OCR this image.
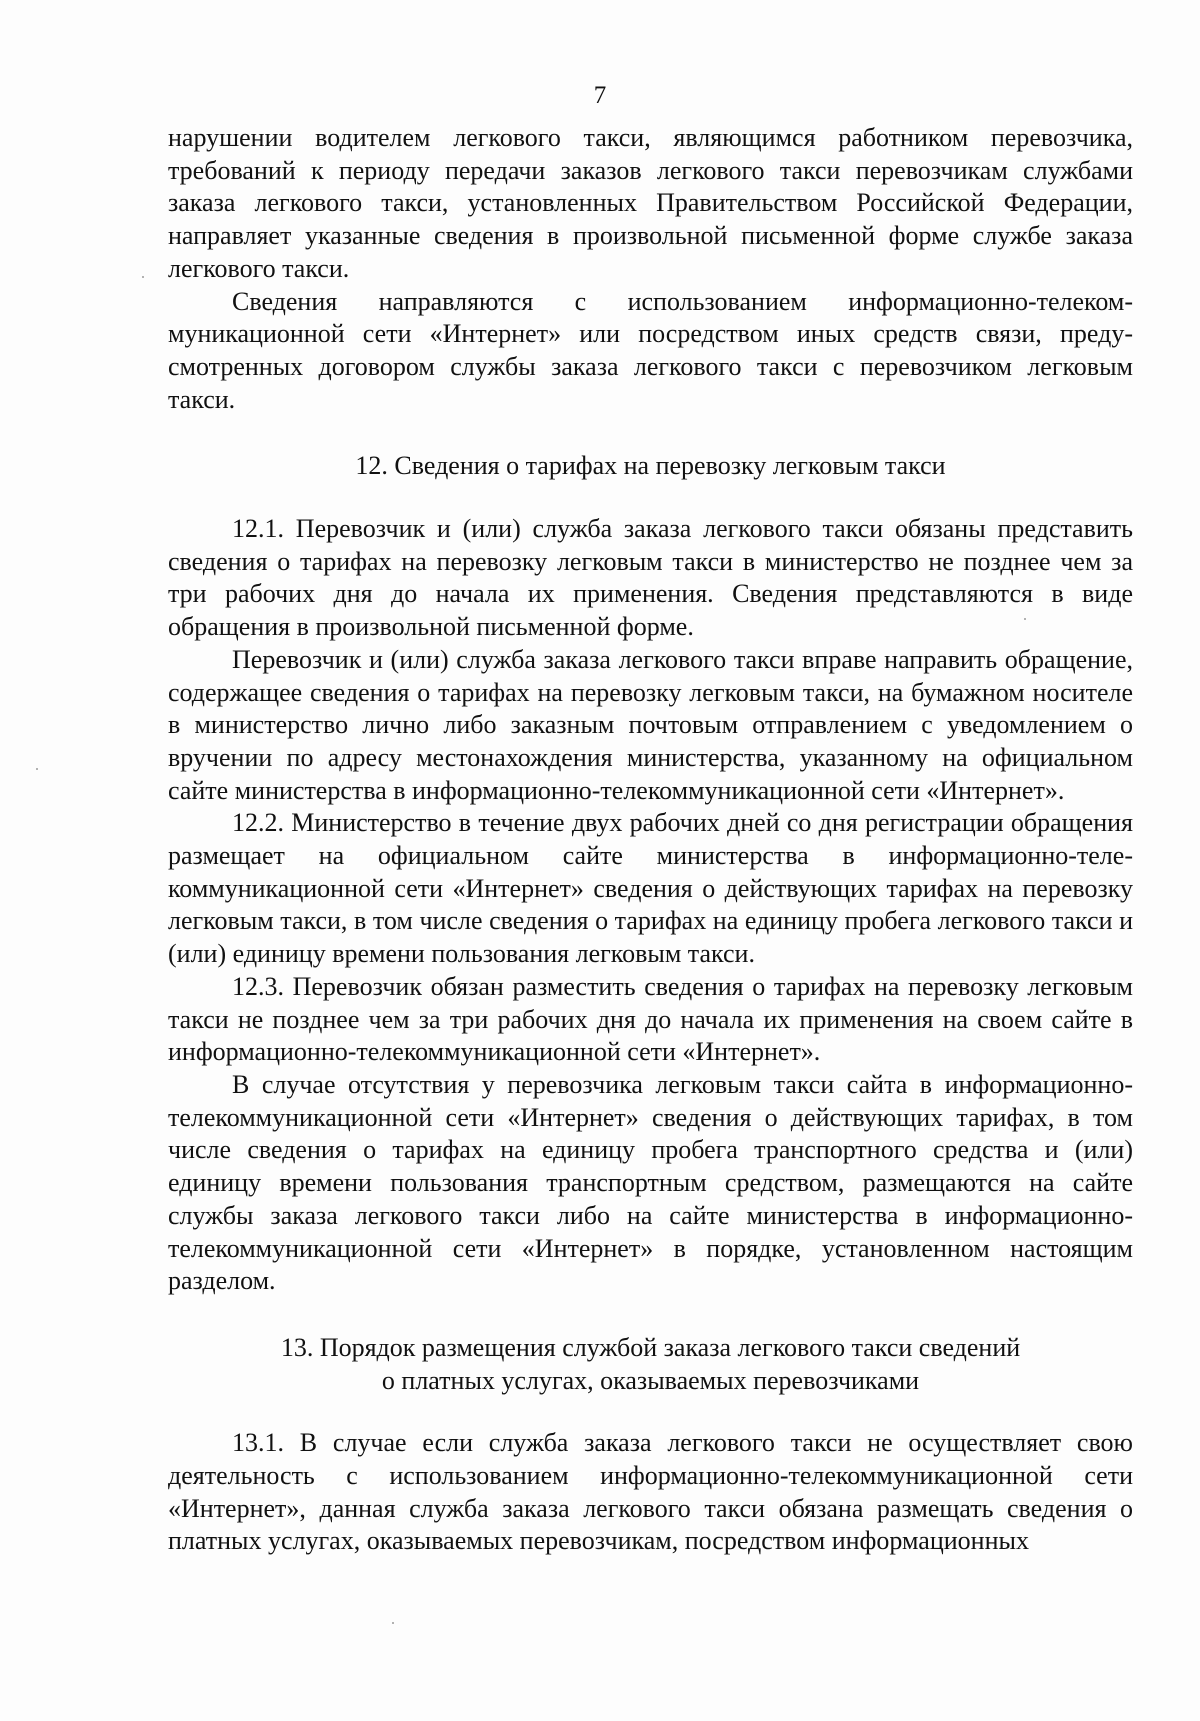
7

нарушении водителем легкового такси, являющимся работником перевозчика, требований к периоду передачи заказов легкового такси перевозчикам службами заказа легкового такси, установленных Правительством Российской Федерации, направляет указанные сведения в произвольной письменной форме службе заказа легкового такси.

Сведения направляются с использованием информационно-телекоммуникационной сети «Интернет» или посредством иных средств связи, предусмотренных договором службы заказа легкового такси с перевозчиком легковым такси.

12. Сведения о тарифах на перевозку легковым такси

12.1. Перевозчик и (или) служба заказа легкового такси обязаны представить сведения о тарифах на перевозку легковым такси в министерство не позднее чем за три рабочих дня до начала их применения. Сведения представляются в виде обращения в произвольной письменной форме.

Перевозчик и (или) служба заказа легкового такси вправе направить обращение, содержащее сведения о тарифах на перевозку легковым такси, на бумажном носителе в министерство лично либо заказным почтовым отправлением с уведомлением о вручении по адресу местонахождения министерства, указанному на официальном сайте министерства в информационно-телекоммуникационной сети «Интернет».

12.2. Министерство в течение двух рабочих дней со дня регистрации обращения размещает на официальном сайте министерства в информационно-телекоммуникационной сети «Интернет» сведения о действующих тарифах на перевозку легковым такси, в том числе сведения о тарифах на единицу пробега легкового такси и (или) единицу времени пользования легковым такси.

12.3. Перевозчик обязан разместить сведения о тарифах на перевозку легковым такси не позднее чем за три рабочих дня до начала их применения на своем сайте в информационно-телекоммуникационной сети «Интернет».

В случае отсутствия у перевозчика легковым такси сайта в информационно-телекоммуникационной сети «Интернет» сведения о действующих тарифах, в том числе сведения о тарифах на единицу пробега транспортного средства и (или) единицу времени пользования транспортным средством, размещаются на сайте службы заказа легкового такси либо на сайте министерства в информационно-телекоммуникационной сети «Интернет» в порядке, установленном настоящим разделом.

13. Порядок размещения службой заказа легкового такси сведений
о платных услугах, оказываемых перевозчиками

13.1. В случае если служба заказа легкового такси не осуществляет свою деятельность с использованием информационно-телекоммуникационной сети «Интернет», данная служба заказа легкового такси обязана размещать сведения о платных услугах, оказываемых перевозчикам, посредством информационных
